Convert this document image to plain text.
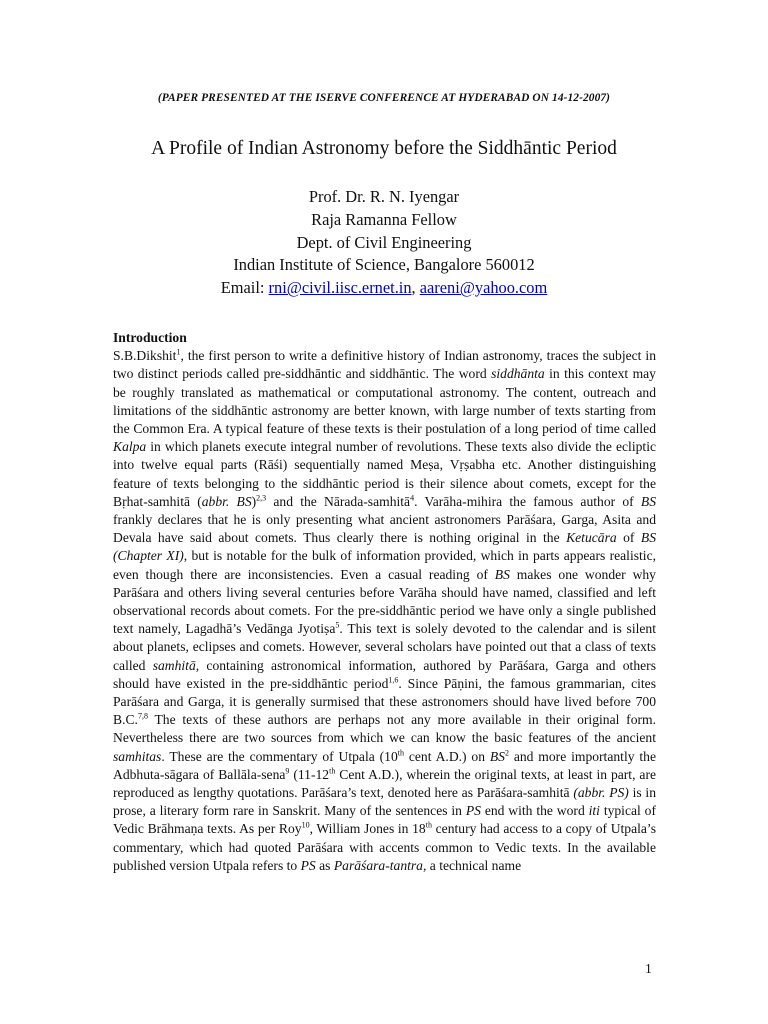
(PAPER PRESENTED AT THE ISERVE CONFERENCE AT HYDERABAD ON 14-12-2007)
A Profile of Indian Astronomy before the Siddhāntic Period
Prof. Dr. R. N. Iyengar
Raja Ramanna Fellow
Dept. of Civil Engineering
Indian Institute of Science, Bangalore 560012
Email: rni@civil.iisc.ernet.in, aareni@yahoo.com
Introduction
S.B.Dikshit$^1$, the first person to write a definitive history of Indian astronomy, traces the subject in two distinct periods called pre-siddhāntic and siddhāntic. The word siddhānta in this context may be roughly translated as mathematical or computational astronomy. The content, outreach and limitations of the siddhāntic astronomy are better known, with large number of texts starting from the Common Era. A typical feature of these texts is their postulation of a long period of time called Kalpa in which planets execute integral number of revolutions. These texts also divide the ecliptic into twelve equal parts (Rāśi) sequentially named Meṣa, Vṛṣabha etc. Another distinguishing feature of texts belonging to the siddhāntic period is their silence about comets, except for the Bṛhat-samhitā (abbr. BS)$^{2,3}$ and the Nārada-samhitā$^4$. Varāha-mihira the famous author of BS frankly declares that he is only presenting what ancient astronomers Parāśara, Garga, Asita and Devala have said about comets. Thus clearly there is nothing original in the Ketucāra of BS (Chapter XI), but is notable for the bulk of information provided, which in parts appears realistic, even though there are inconsistencies. Even a casual reading of BS makes one wonder why Parāśara and others living several centuries before Varāha should have named, classified and left observational records about comets. For the pre-siddhāntic period we have only a single published text namely, Lagadhā’s Vedānga Jyotiṣa$^5$. This text is solely devoted to the calendar and is silent about planets, eclipses and comets. However, several scholars have pointed out that a class of texts called samhitā, containing astronomical information, authored by Parāśara, Garga and others should have existed in the pre-siddhāntic period$^{1,6}$. Since Pāṇini, the famous grammarian, cites Parāśara and Garga, it is generally surmised that these astronomers should have lived before 700 B.C.$^{7,8}$ The texts of these authors are perhaps not any more available in their original form. Nevertheless there are two sources from which we can know the basic features of the ancient samhitas. These are the commentary of Utpala (10th cent A.D.) on $BS^2$ and more importantly the Adbhuta-sāgara of Ballāla-sena$^9$ (11-12th Cent A.D.), wherein the original texts, at least in part, are reproduced as lengthy quotations. Parāśara’s text, denoted here as Parāśara-samhitā (abbr. PS) is in prose, a literary form rare in Sanskrit. Many of the sentences in PS end with the word iti typical of Vedic Brāhmaṇa texts. As per Roy$^{10}$, William Jones in 18th century had access to a copy of Utpala’s commentary, which had quoted Parāśara with accents common to Vedic texts. In the available published version Utpala refers to PS as Parāśara-tantra, a technical name
1
